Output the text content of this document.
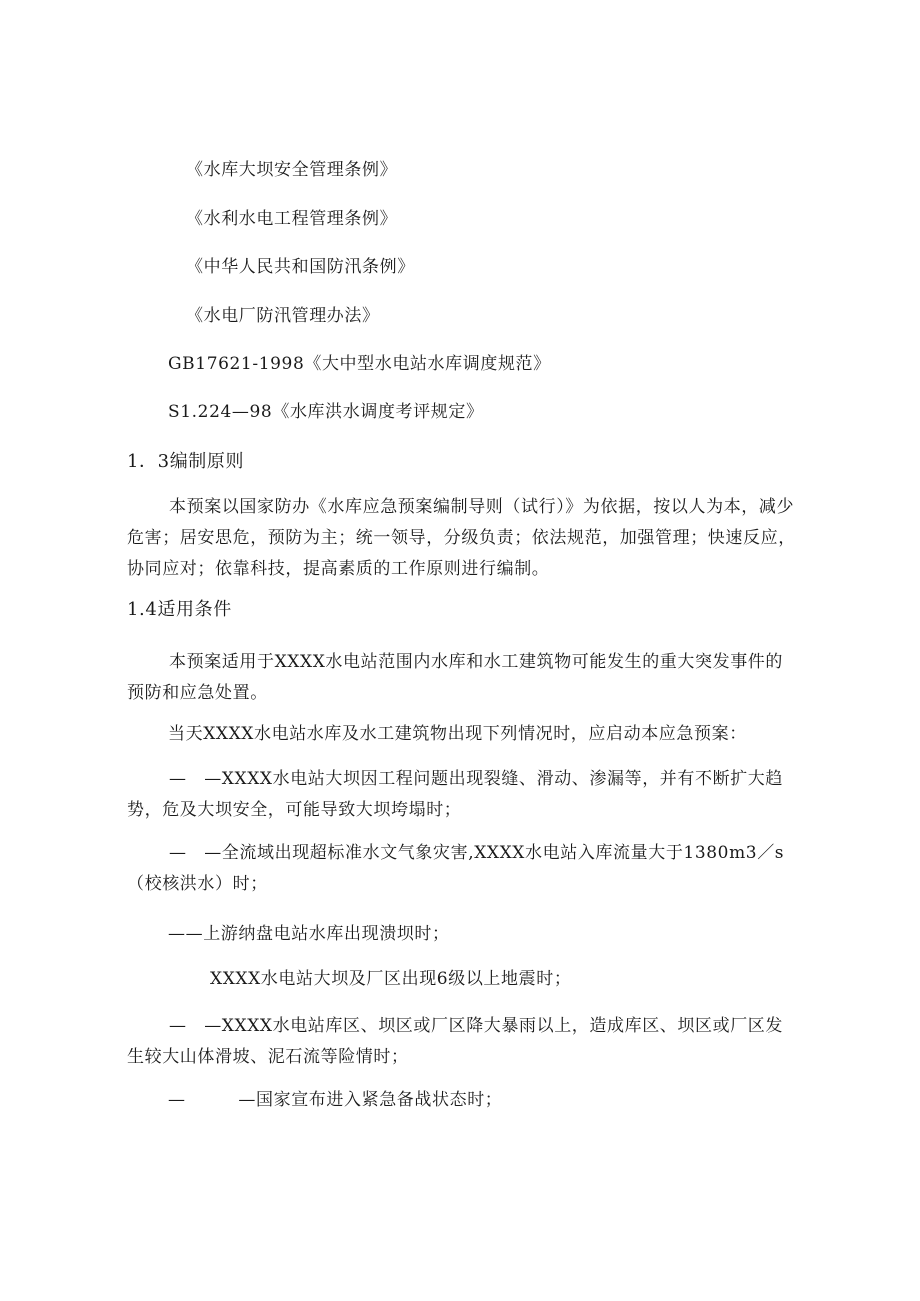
《水库大坝安全管理条例》
《水利水电工程管理条例》
《中华人民共和国防汛条例》
《水电厂防汛管理办法》
GB17621-1998《大中型水电站水库调度规范》
S1.224—98《水库洪水调度考评规定》
1．3编制原则
本预案以国家防办《水库应急预案编制导则（试行）》为依据，按以人为本，减少危害；居安思危，预防为主；统一领导，分级负责；依法规范，加强管理；快速反应，协同应对；依靠科技，提高素质的工作原则进行编制。
1.4适用条件
本预案适用于XXXX水电站范围内水库和水工建筑物可能发生的重大突发事件的预防和应急处置。
当天XXXX水电站水库及水工建筑物出现下列情况时，应启动本应急预案：
—　—XXXX水电站大坝因工程问题出现裂缝、滑动、渗漏等，并有不断扩大趋势，危及大坝安全，可能导致大坝垮塌时；
—　—全流域出现超标准水文气象灾害,XXXX水电站入库流量大于1380m3／s（校核洪水）时；
——上游纳盘电站水库出现溃坝时；
XXXX水电站大坝及厂区出现6级以上地震时；
—　—XXXX水电站库区、坝区或厂区降大暴雨以上，造成库区、坝区或厂区发生较大山体滑坡、泥石流等险情时；
—　　　—国家宣布进入紧急备战状态时；
